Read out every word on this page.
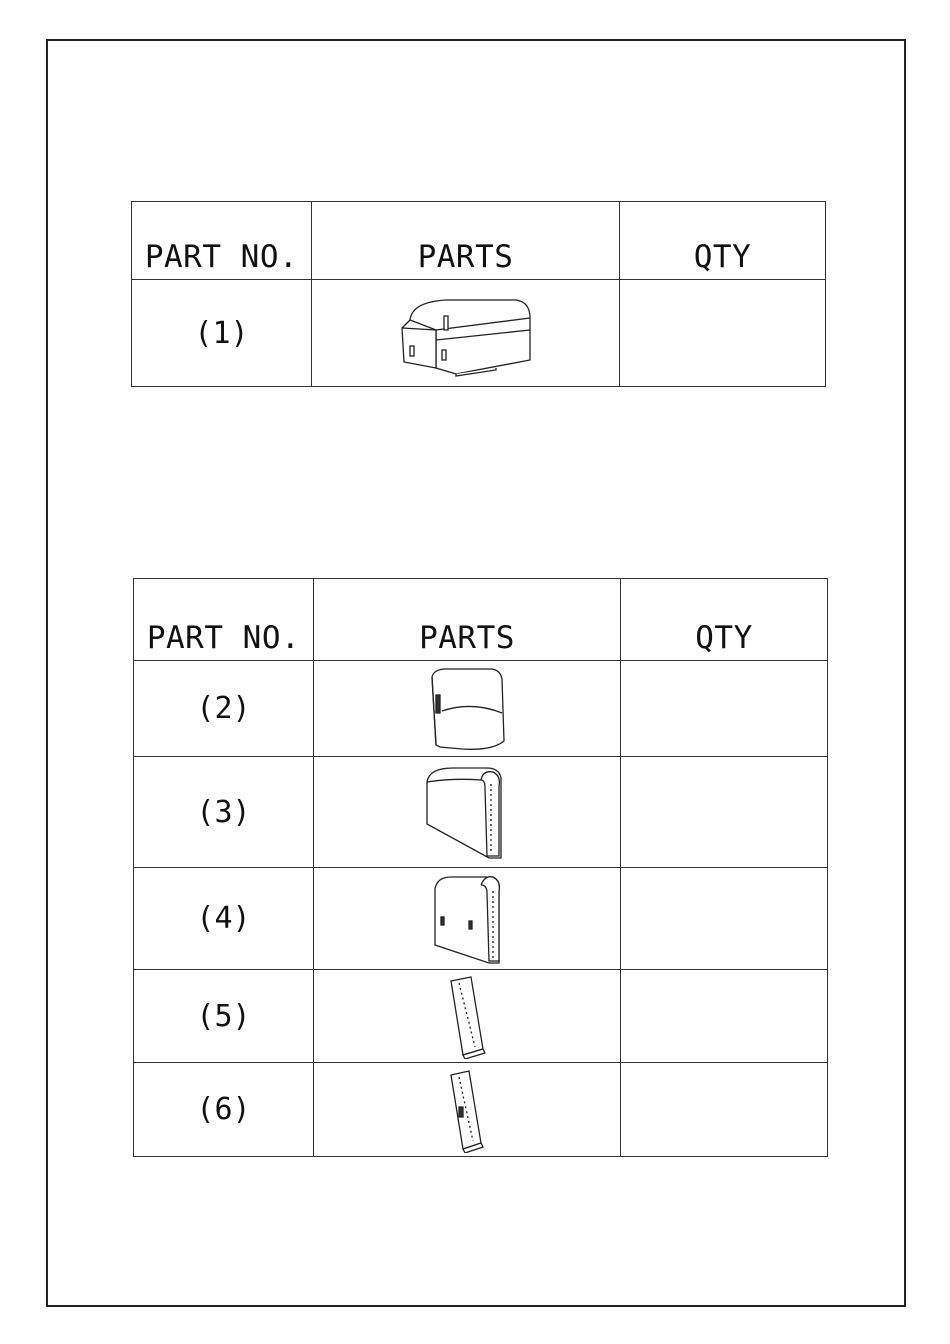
PART NO.	PARTS	QTY
(1)	

PART NO.	PARTS	QTY
(2)	

(3)	

(4)	

(5)	

(6)	
